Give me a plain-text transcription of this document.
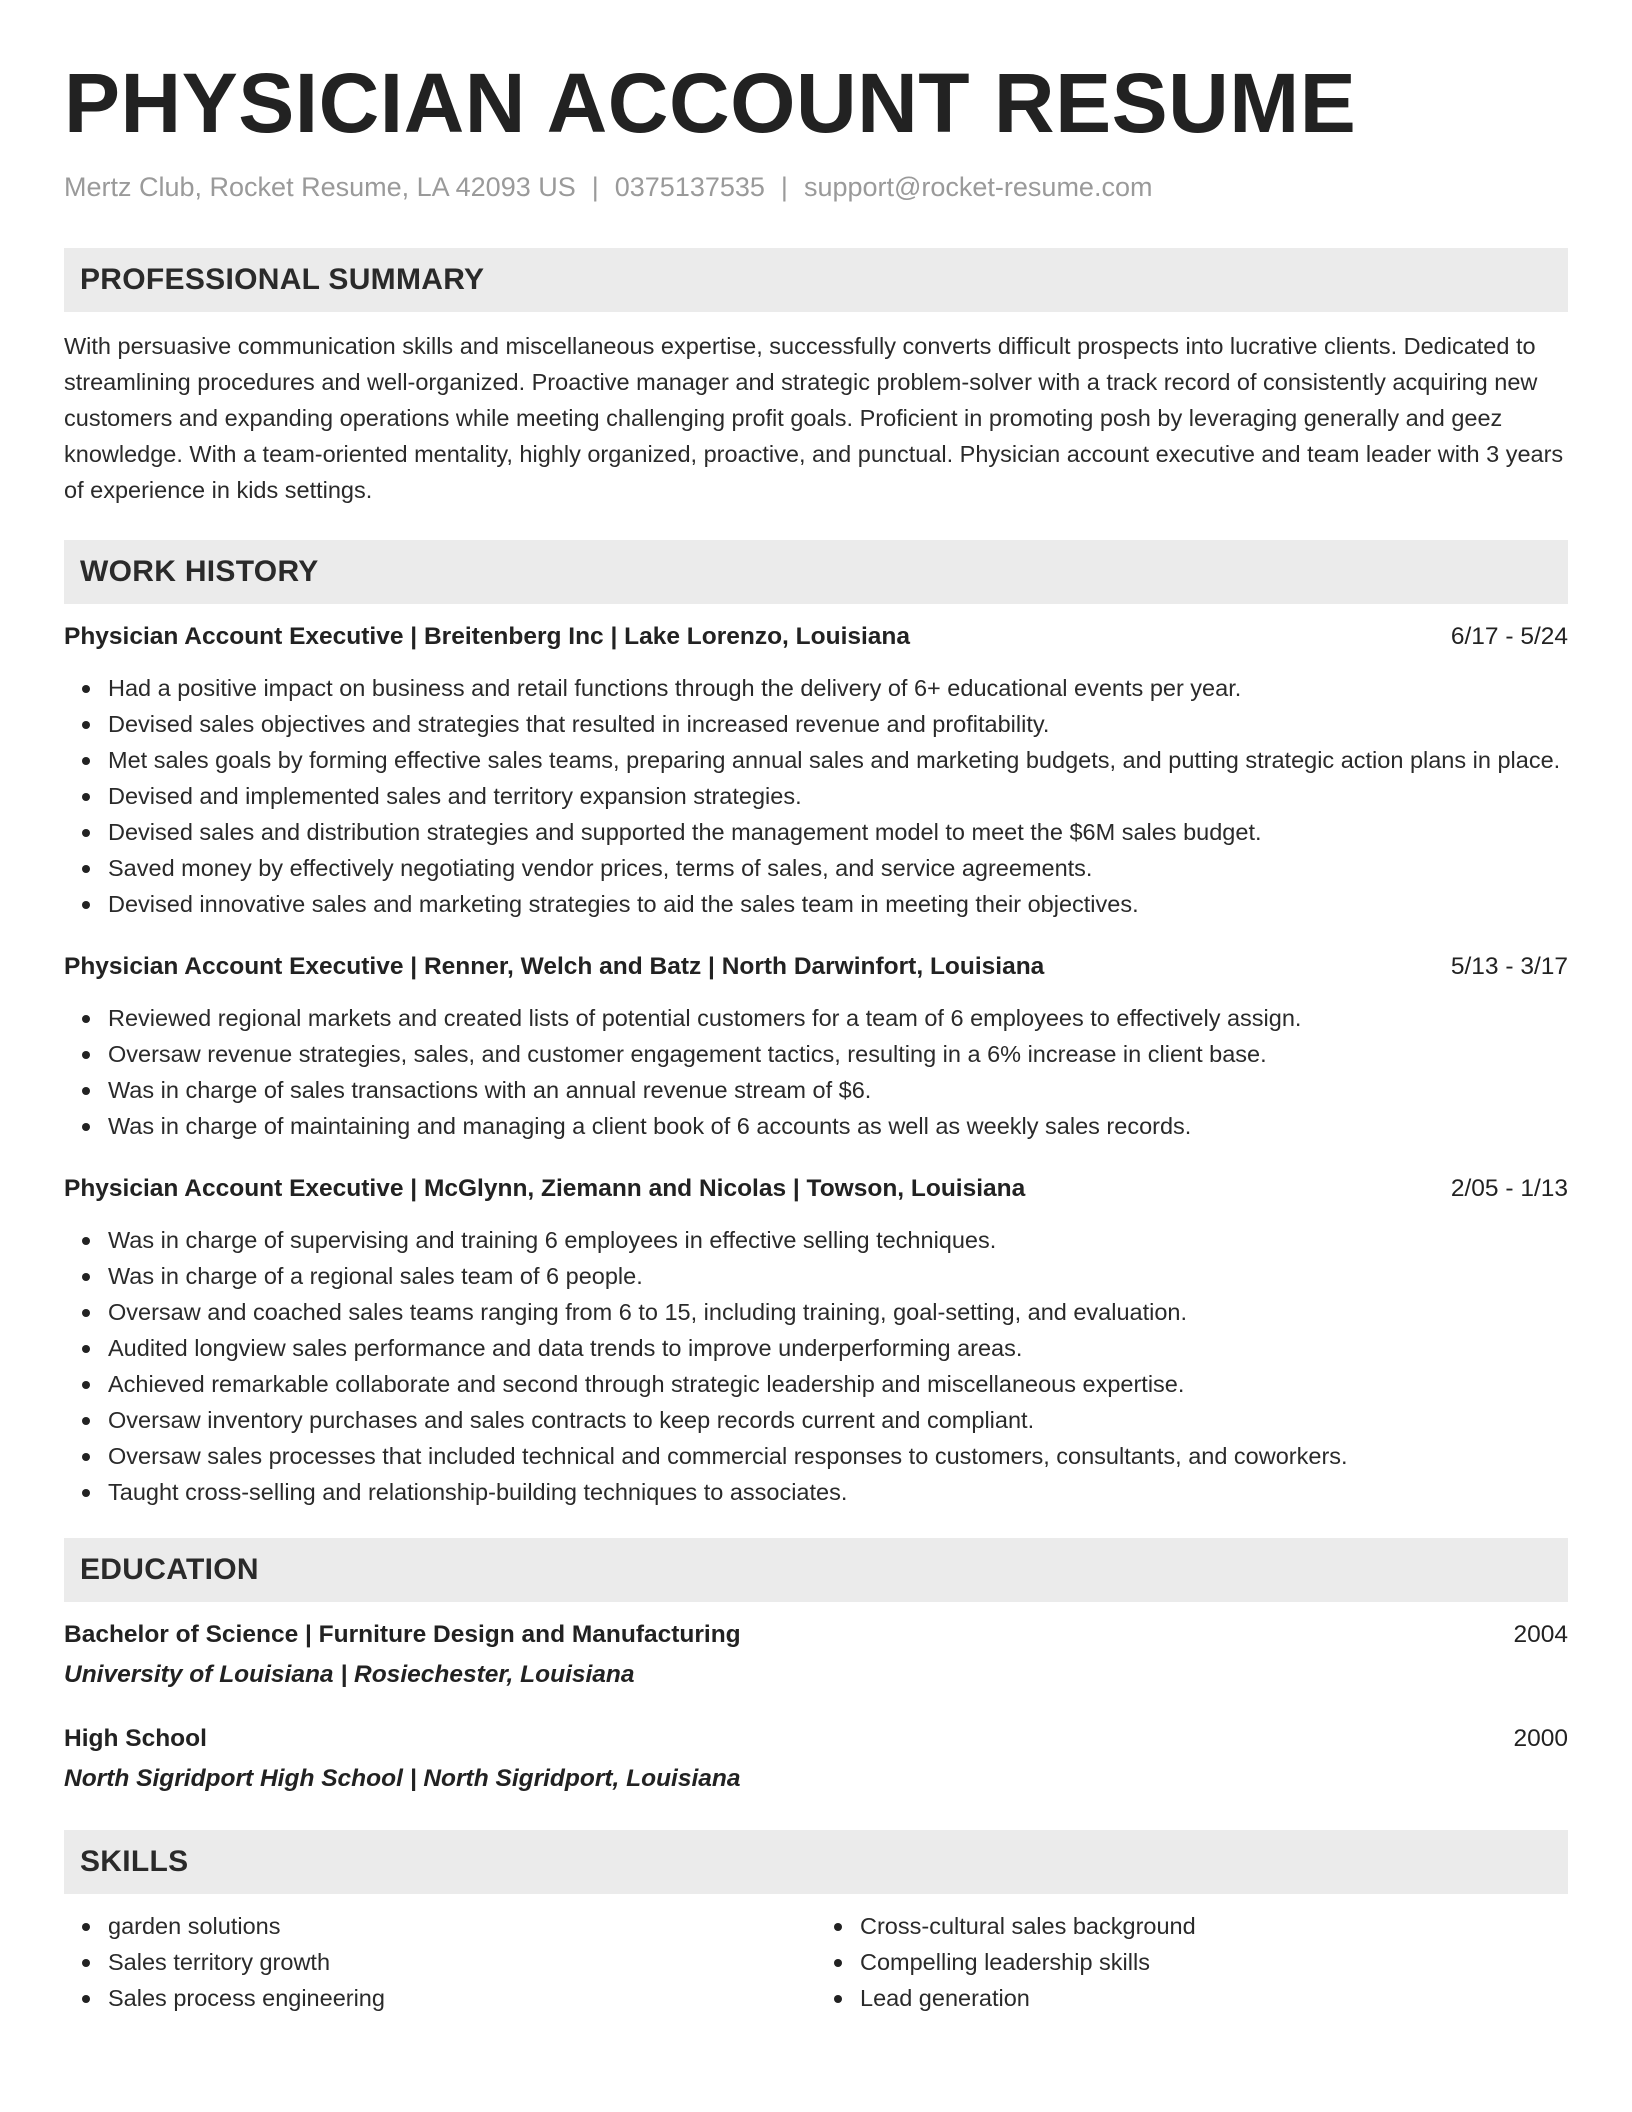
PHYSICIAN ACCOUNT RESUME
Mertz Club, Rocket Resume, LA 42093 US | 0375137535 | support@rocket-resume.com
PROFESSIONAL SUMMARY

With persuasive communication skills and miscellaneous expertise, successfully converts difficult prospects into lucrative clients. Dedicated to streamlining procedures and well-organized. Proactive manager and strategic problem-solver with a track record of consistently acquiring new customers and expanding operations while meeting challenging profit goals. Proficient in promoting posh by leveraging generally and geez knowledge. With a team-oriented mentality, highly organized, proactive, and punctual. Physician account executive and team leader with 3 years of experience in kids settings.

WORK HISTORY
Physician Account Executive | Breitenberg Inc | Lake Lorenzo, Louisiana	6/17 - 5/24
Had a positive impact on business and retail functions through the delivery of 6+ educational events per year.
Devised sales objectives and strategies that resulted in increased revenue and profitability.
Met sales goals by forming effective sales teams, preparing annual sales and marketing budgets, and putting strategic action plans in place.
Devised and implemented sales and territory expansion strategies.
Devised sales and distribution strategies and supported the management model to meet the $6M sales budget.
Saved money by effectively negotiating vendor prices, terms of sales, and service agreements.
Devised innovative sales and marketing strategies to aid the sales team in meeting their objectives.
Physician Account Executive | Renner, Welch and Batz | North Darwinfort, Louisiana	5/13 - 3/17
Reviewed regional markets and created lists of potential customers for a team of 6 employees to effectively assign.
Oversaw revenue strategies, sales, and customer engagement tactics, resulting in a 6% increase in client base.
Was in charge of sales transactions with an annual revenue stream of $6.
Was in charge of maintaining and managing a client book of 6 accounts as well as weekly sales records.
Physician Account Executive | McGlynn, Ziemann and Nicolas | Towson, Louisiana	2/05 - 1/13
Was in charge of supervising and training 6 employees in effective selling techniques.
Was in charge of a regional sales team of 6 people.
Oversaw and coached sales teams ranging from 6 to 15, including training, goal-setting, and evaluation.
Audited longview sales performance and data trends to improve underperforming areas.
Achieved remarkable collaborate and second through strategic leadership and miscellaneous expertise.
Oversaw inventory purchases and sales contracts to keep records current and compliant.
Oversaw sales processes that included technical and commercial responses to customers, consultants, and coworkers.
Taught cross-selling and relationship-building techniques to associates.
EDUCATION
Bachelor of Science | Furniture Design and Manufacturing	2004
University of Louisiana | Rosiechester, Louisiana
High School	2000
North Sigridport High School | North Sigridport, Louisiana
SKILLS
garden solutions
Sales territory growth
Sales process engineering
Cross-cultural sales background
Compelling leadership skills
Lead generation
